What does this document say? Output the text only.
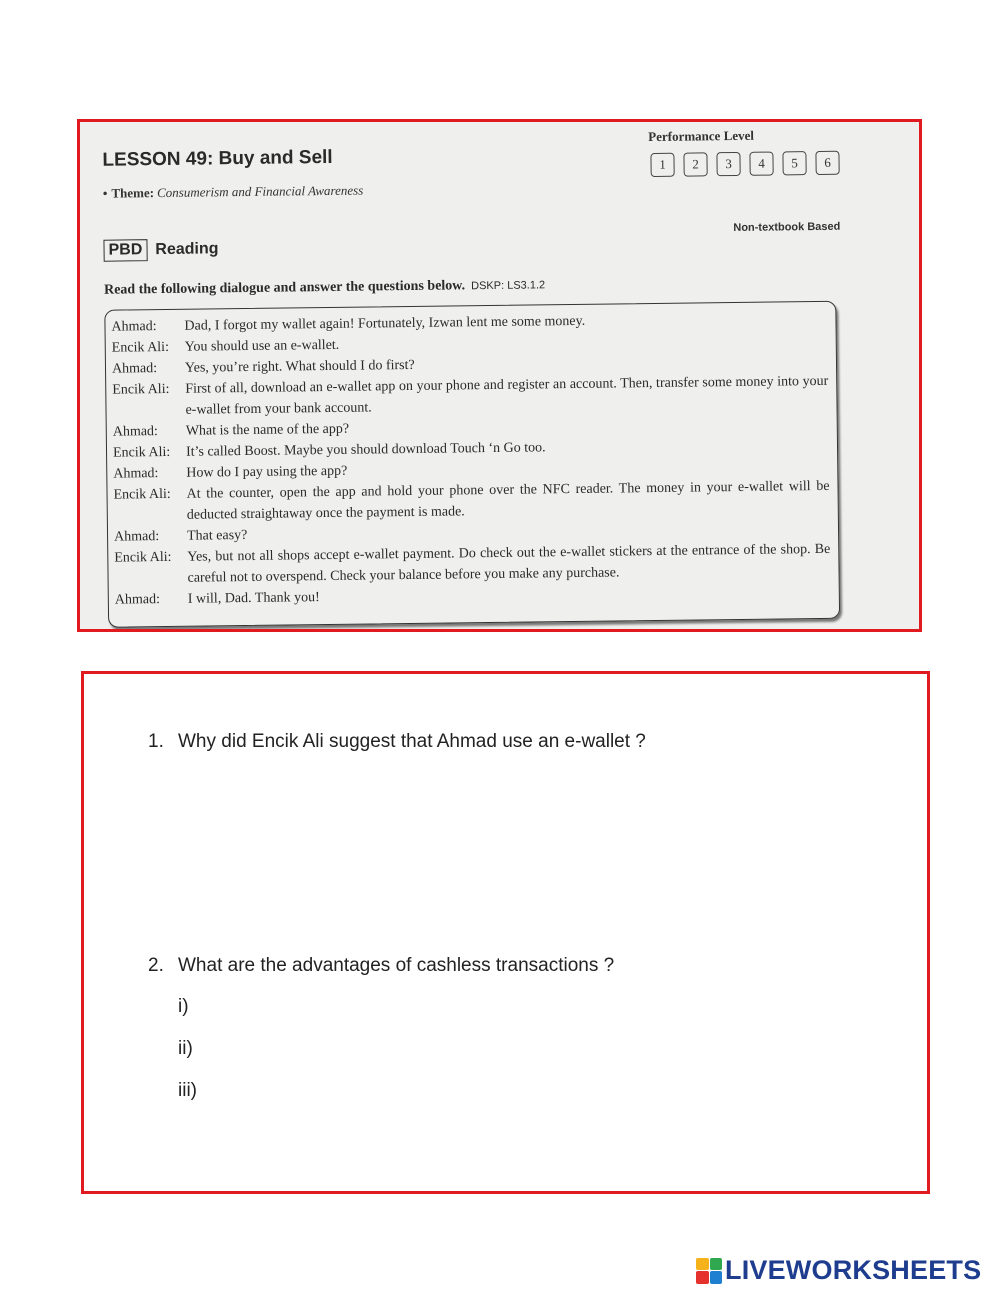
LESSON 49: Buy and Sell
• Theme: Consumerism and Financial Awareness
Performance Level
1	2	3	4	5	6
PBD Reading
Non-textbook Based
Read the following dialogue and answer the questions below. DSKP: LS3.1.2
Ahmad:	Dad, I forgot my wallet again! Fortunately, Izwan lent me some money.
Encik Ali:	You should use an e-wallet.
Ahmad:	Yes, you’re right. What should I do first?
Encik Ali:	First of all, download an e-wallet app on your phone and register an account. Then, transfer some money into your e-wallet from your bank account.
Ahmad:	What is the name of the app?
Encik Ali:	It’s called Boost. Maybe you should download Touch ‘n Go too.
Ahmad:	How do I pay using the app?
Encik Ali:	At the counter, open the app and hold your phone over the NFC reader. The money in your e-wallet will be deducted straightaway once the payment is made.
Ahmad:	That easy?
Encik Ali:	Yes, but not all shops accept e-wallet payment. Do check out the e-wallet stickers at the entrance of the shop. Be careful not to overspend. Check your balance before you make any purchase.
Ahmad:	I will, Dad. Thank you!
1. Why did Encik Ali suggest that Ahmad use an e-wallet ?
2. What are the advantages of cashless transactions ?
i)
ii)
iii)
LIVEWORKSHEETS
